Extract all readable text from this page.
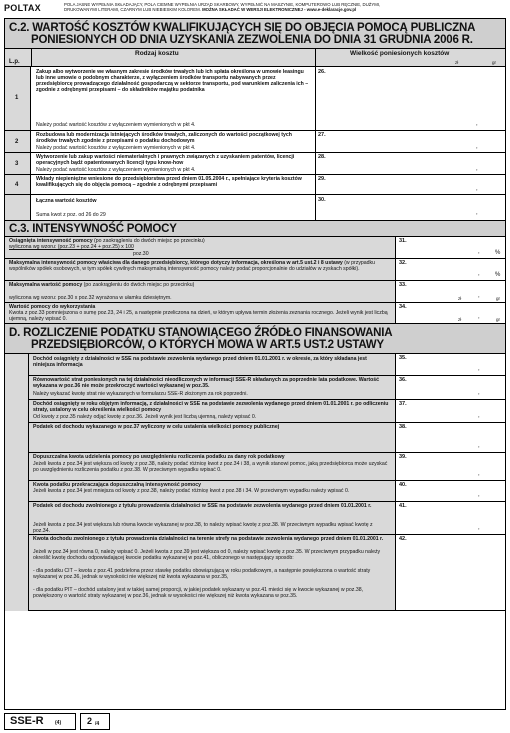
POLTAX	POLA JASNE WYPEŁNIA SKŁADAJĄCY, POLA CIEMNE WYPEŁNIA URZĄD SKARBOWY. WYPEŁNIĆ NA MASZYNIE, KOMPUTEROWO LUB RĘCZNIE, DUŻYMI,
DRUKOWANYMI LITERAMI, CZARNYM LUB NIEBIESKIM KOLOREM. MOŻNA SKŁADAĆ W WERSJI ELEKTRONICZNEJ - www.e-deklaracje.gov.pl
C.2. WARTOŚĆ KOSZTÓW KWALIFIKUJĄCYCH SIĘ DO OBJĘCIA POMOCĄ PUBLICZNA
PONIESIONYCH OD DNIA UZYSKANIA ZEZWOLENIA DO DNIA 31 GRUDNIA 2006 R.
L.p.
Rodzaj kosztu	Wielkość poniesionych kosztów
zł	gr
1
Zakup albo wytworzenie we własnym zakresie środków trwałych lub ich spłata określona w umowie leasingu lub inne umowie o podobnym charakterze, z wyłączeniem środków transportu nabywanych przez przedsiębiorcę prowadzącego działalność gospodarczą w sektorze transportu, pod warunkiem zaliczenia ich – zgodnie z odrębnymi przepisami – do składników majątku podatnika
Należy podać wartość kosztów z wyłączeniem wymienionych w pkt 4.
26.
,
2
Rozbudowa lub modernizacja istniejących środków trwałych, zaliczonych do wartości początkowej tych środków trwałych zgodnie z przepisami o podatku dochodowym
Należy podać wartość kosztów z wyłączeniem wymienionych w pkt 4.
27.
,
3
Wytworzenie lub zakup wartości niematerialnych i prawnych związanych z uzyskaniem patentów, licencji operacyjnych bądź opatentowanych licencji typu know-how
Należy podać wartość kosztów z wyłączeniem wymienionych w pkt 4.
28.
,
4
Wkłady niepieniężne wniesione do przedsiębiorstwa przed dniem 01.05.2004 r., spełniające kryteria kosztów kwalifikujących się do objęcia pomocą – zgodnie z odrębnymi przepisami
29.
,
Łączna wartość kosztów
Suma kwot z poz. od 26 do 29
30.
,
C.3. INTENSYWNOŚĆ POMOCY
Osiągnięta intensywność pomocy (po zaokrągleniu do dwóch miejsc po przecinku)
wyliczona wg wzoru: (poz.23 + poz.24 + poz.25) x 100
poz.30
31.
,	%
Maksymalna intensywność pomocy właściwa dla danego przedsiębiorcy, którego dotyczy informacja, określona w art.5 ust.2 i 8 ustawy (w przypadku wspólników spółek osobowych, w tym spółek cywilnych maksymalną intensywność pomocy należy podać proporcjonalnie do udziałów w zyskach spółki).
32.
,	%
Maksymalna wartość pomocy (po zaokrągleniu do dwóch miejsc po przecinku)
wyliczona wg wzoru: poz.30 x poz.32 wyrażona w ułamku dziesiętnym.
33.
,
zł	gr
Wartość pomocy do wykorzystania
Kwota z poz.33 pomniejszona o sumę poz.23, 24 i 25, a następnie przeliczona na dzień, w którym upływa termin złożenia zeznania rocznego. Jeżeli wynik jest liczbą ujemną, należy wpisać 0.
34.
,
zł	gr
D. ROZLICZENIE PODATKU STANOWIĄCEGO ŹRÓDŁO FINANSOWANIA
PRZEDSIĘBIORCÓW, O KTÓRYCH MOWA W ART.5 UST.2 USTAWY
Dochód osiągnięty z działalności w SSE na podstawie zezwolenia wydanego przed dniem 01.01.2001 r. w okresie, za który składana jest niniejsza informacja
35.
,
Równowartość strat poniesionych na tej działalności nieodliczonych w informacji SSE-R składanych za poprzednie lata podatkowe. Wartość wykazana w poz.36 nie może przekroczyć wartości wykazanej w poz.35.
Należy wykazać kwotę strat nie wykazanych w formularzu SSE-R złożonym za rok poprzedni.
36.
,
Dochód osiągnięty w roku objętym informacją, z działalności w SSE na podstawie zezwolenia wydanego przed dniem 01.01.2001 r. po odliczeniu straty, ustalony w celu określenia wielkości pomocy
Od kwoty z poz.35 należy odjąć kwotę z poz.36. Jeżeli wynik jest liczbą ujemną, należy wpisać 0.
37.
,
Podatek od dochodu wykazanego w poz.37 wyliczony w celu ustalenia wielkości pomocy publicznej	38.
,
Dopuszczalna kwota udzielenia pomocy po uwzględnieniu rozliczenia podatku za dany rok podatkowy
Jeżeli kwota z poz.34 jest większa od kwoty z poz.38, należy podać różnicę kwot z poz.34 i 38, a wynik stanowi pomoc, jaką przedsiębiorca może uzyskać po uwzględnieniu rozliczenia podatku z poz.38. W przeciwnym wypadku wpisać 0.
39.
,
Kwota podatku przekraczająca dopuszczalną intensywność pomocy
Jeżeli kwota z poz.34 jest mniejsza od kwoty z poz.38, należy podać różnicę kwot z poz.38 i 34. W przeciwnym wypadku należy wpisać 0.
40.
,
Podatek od dochodu zwolnionego z tytułu prowadzenia działalności w SSE na podstawie zezwolenia wydanego przed dniem 01.01.2001 r.
Jeżeli kwota z poz.34 jest większa lub równa kwocie wykazanej w poz.38, to należy wpisać kwotę z poz.38. W przeciwnym wypadku wpisać kwotę z poz.34.
41.
,
Kwota dochodu zwolnionego z tytułu prowadzenia działalności na terenie strefy na podstawie zezwolenia wydanego przed dniem 01.01.2001 r.
Jeżeli w poz.34 jest równa 0, należy wpisać 0. Jeżeli kwota z poz.39 jest większa od 0, należy wpisać kwotę z poz.35. W przeciwnym przypadku należy określić kwotę dochodu odpowiadającej kwocie podatku wykazanej w poz.41, obliczonego w następujący sposób:
- dla podatku CIT – kwota z poz.41 podzielona przez stawkę podatku obowiązującą w roku podatkowym, a następnie powiększona o wartość straty wykazanej w poz.36, jednak w wysokości nie większej niż kwota wykazana w poz.35,
- dla podatku PIT – dochód ustalony jest w takiej samej proporcji, w jakiej podatek wykazany w poz.41 mieści się w kwocie wykazanej w poz.38, powiększony o wartość straty wykazanej w poz.36, jednak w wysokości nie większej niż kwota wykazana w poz.35.
42.
SSE-R (4)	2 /4
